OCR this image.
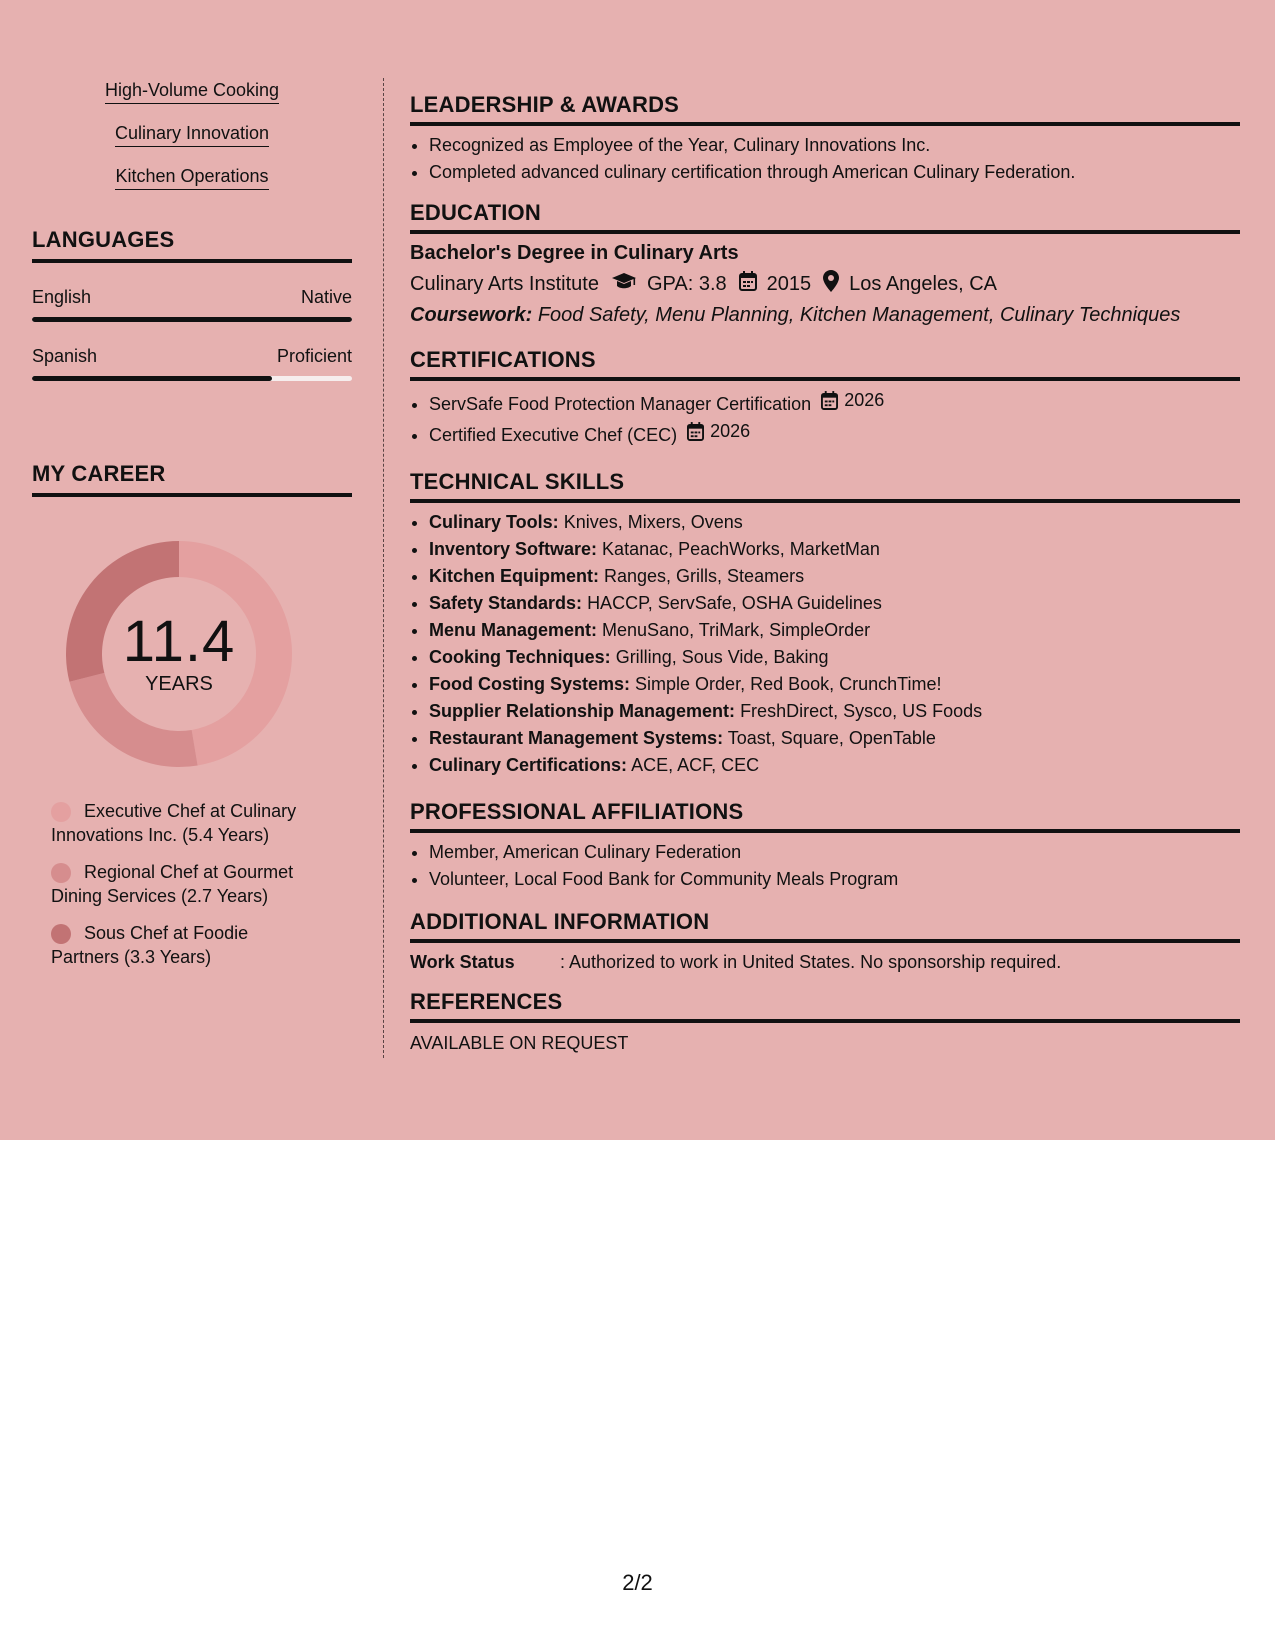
High-Volume Cooking
Culinary Innovation
Kitchen Operations
LANGUAGES
English	Native
Spanish	Proficient
MY CAREER
11.4
YEARS
Executive Chef at Culinary Innovations Inc. (5.4 Years)
Regional Chef at Gourmet Dining Services (2.7 Years)
Sous Chef at Foodie Partners (3.3 Years)
LEADERSHIP & AWARDS
• Recognized as Employee of the Year, Culinary Innovations Inc.
• Completed advanced culinary certification through American Culinary Federation.
EDUCATION
Bachelor's Degree in Culinary Arts
Culinary Arts Institute GPA: 3.8 2015 Los Angeles, CA
Coursework: Food Safety, Menu Planning, Kitchen Management, Culinary Techniques
CERTIFICATIONS
• ServSafe Food Protection Manager Certification 2026
• Certified Executive Chef (CEC) 2026
TECHNICAL SKILLS
• Culinary Tools: Knives, Mixers, Ovens
• Inventory Software: Katanac, PeachWorks, MarketMan
• Kitchen Equipment: Ranges, Grills, Steamers
• Safety Standards: HACCP, ServSafe, OSHA Guidelines
• Menu Management: MenuSano, TriMark, SimpleOrder
• Cooking Techniques: Grilling, Sous Vide, Baking
• Food Costing Systems: Simple Order, Red Book, CrunchTime!
• Supplier Relationship Management: FreshDirect, Sysco, US Foods
• Restaurant Management Systems: Toast, Square, OpenTable
• Culinary Certifications: ACE, ACF, CEC
PROFESSIONAL AFFILIATIONS
• Member, American Culinary Federation
• Volunteer, Local Food Bank for Community Meals Program
ADDITIONAL INFORMATION
Work Status	: Authorized to work in United States. No sponsorship required.
REFERENCES
AVAILABLE ON REQUEST
2/2
